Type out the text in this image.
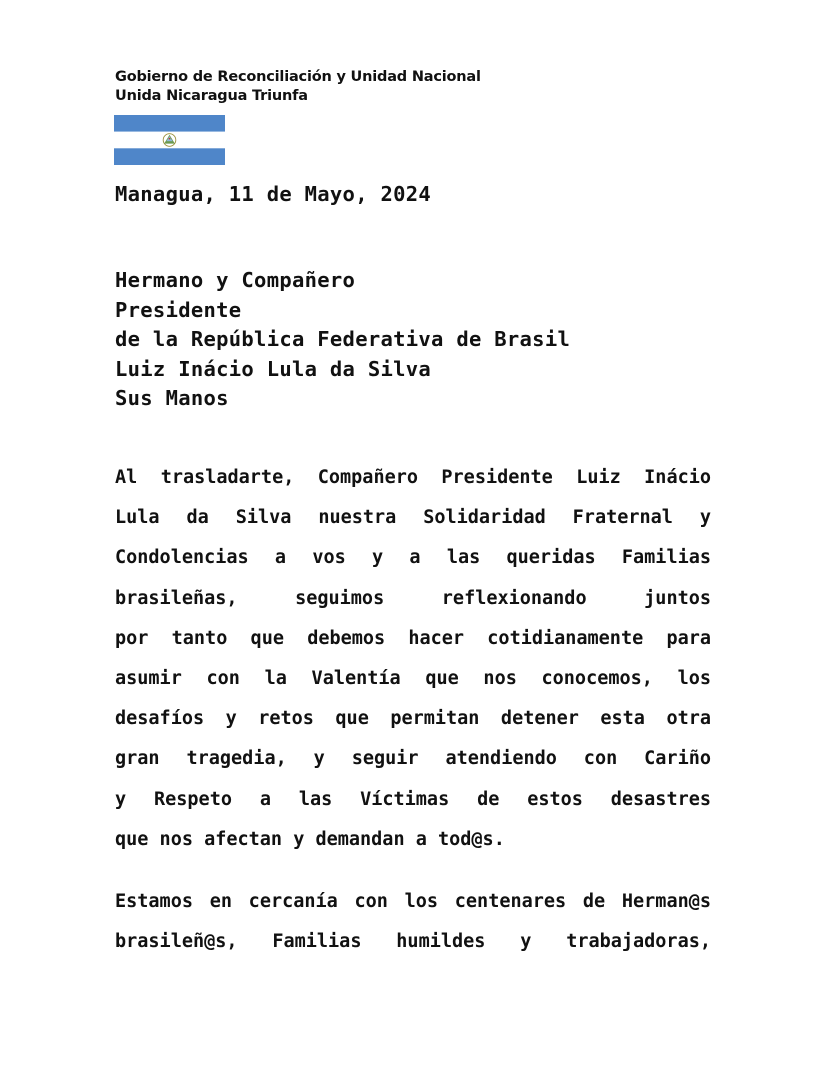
Gobierno de Reconciliación y Unidad Nacional
Unida Nicaragua Triunfa
Managua, 11 de Mayo, 2024
Hermano y Compañero
Presidente
de la República Federativa de Brasil
Luiz Inácio Lula da Silva
Sus Manos
Al trasladarte, Compañero Presidente Luiz Inácio
Lula da Silva nuestra Solidaridad Fraternal y
Condolencias a vos y a las queridas Familias
brasileñas, seguimos reflexionando juntos
por tanto que debemos hacer cotidianamente para
asumir con la Valentía que nos conocemos, los
desafíos y retos que permitan detener esta otra
gran tragedia, y seguir atendiendo con Cariño
y Respeto a las Víctimas de estos desastres
que nos afectan y demandan a tod@s.
Estamos en cercanía con los centenares de Herman@s
brasileñ@s, Familias humildes y trabajadoras,
